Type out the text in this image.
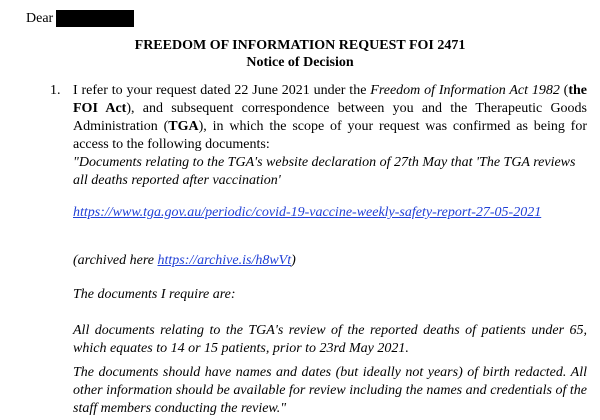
Dear
FREEDOM OF INFORMATION REQUEST FOI 2471
Notice of Decision
1. I refer to your request dated 22 June 2021 under the Freedom of Information Act 1982 (the FOI Act), and subsequent correspondence between you and the Therapeutic Goods Administration (TGA), in which the scope of your request was confirmed as being for access to the following documents:
"Documents relating to the TGA's website declaration of 27th May that 'The TGA reviews all deaths reported after vaccination'
https://www.tga.gov.au/periodic/covid-19-vaccine-weekly-safety-report-27-05-2021
(archived here https://archive.is/h8wVt)
The documents I require are:
All documents relating to the TGA's review of the reported deaths of patients under 65, which equates to 14 or 15 patients, prior to 23rd May 2021.
The documents should have names and dates (but ideally not years) of birth redacted. All other information should be available for review including the names and credentials of the staff members conducting the review."
